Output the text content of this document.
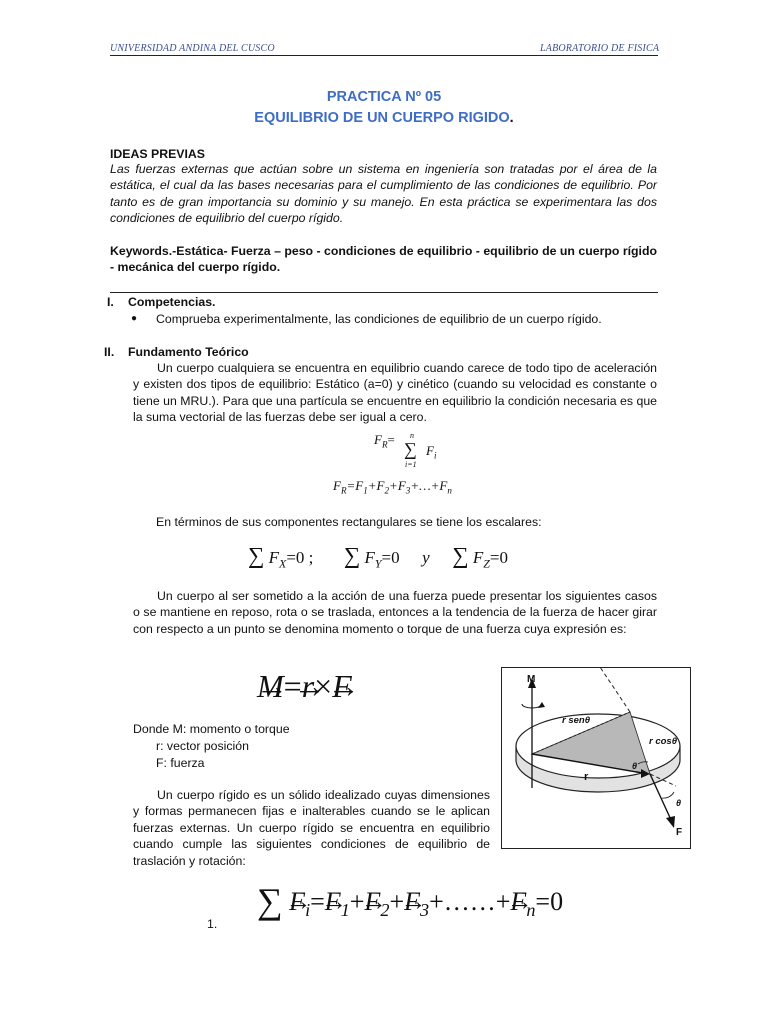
UNIVERSIDAD ANDINA DEL CUSCO	LABORATORIO DE FISICA
PRACTICA Nº 05
EQUILIBRIO DE UN CUERPO RIGIDO.
IDEAS PREVIAS
Las fuerzas externas que actúan sobre un sistema en ingeniería son tratadas por el área de la estática, el cual da las bases necesarias para el cumplimiento de las condiciones de equilibrio. Por tanto es de gran importancia su dominio y su manejo. En esta práctica se experimentara las dos condiciones de equilibrio del cuerpo rígido.
Keywords.-Estática- Fuerza – peso - condiciones de equilibrio - equilibrio de un cuerpo rígido - mecánica del cuerpo rígido.
I. Competencias.
● Comprueba experimentalmente, las condiciones de equilibrio de un cuerpo rígido.
II. Fundamento Teórico
Un cuerpo cualquiera se encuentra en equilibrio cuando carece de todo tipo de aceleración y existen dos tipos de equilibrio: Estático (a=0) y cinético (cuando su velocidad es constante o tiene un MRU.). Para que una partícula se encuentre en equilibrio la condición necesaria es que la suma vectorial de las fuerzas debe ser igual a cero.
$F_R= n$
∑
i=1
$F_i$
$F_R=F_1+F_2+F_3+\dots+F_n$
En términos de sus componentes rectangulares se tiene los escalares:
∑ $F_X=0$ ; ∑ $F_Y=0$ y ∑ $F_Z=0$
Un cuerpo al ser sometido a la acción de una fuerza puede presentar los siguientes casos o se mantiene en reposo, rota o se traslada, entonces a la tendencia de la fuerza de hacer girar con respecto a un punto se denomina momento o torque de una fuerza cuya expresión es:
→ M=→ r×→ F
Donde M: momento o torque
r: vector posición
F: fuerza
Un cuerpo rígido es un sólido idealizado cuyas dimensiones y formas permanecen fijas e inalterables cuando se le aplican fuerzas externas. Un cuerpo rígido se encuentra en equilibrio cuando cumple las siguientes condiciones de equilibrio de traslación y rotación:
M
r senθ
r cosθ
r
θ
θ
F
1.
∑ → $F_i=\to F_1+\to F_2+\to$ $F_3+\dots\dots+\to F_n=0$
